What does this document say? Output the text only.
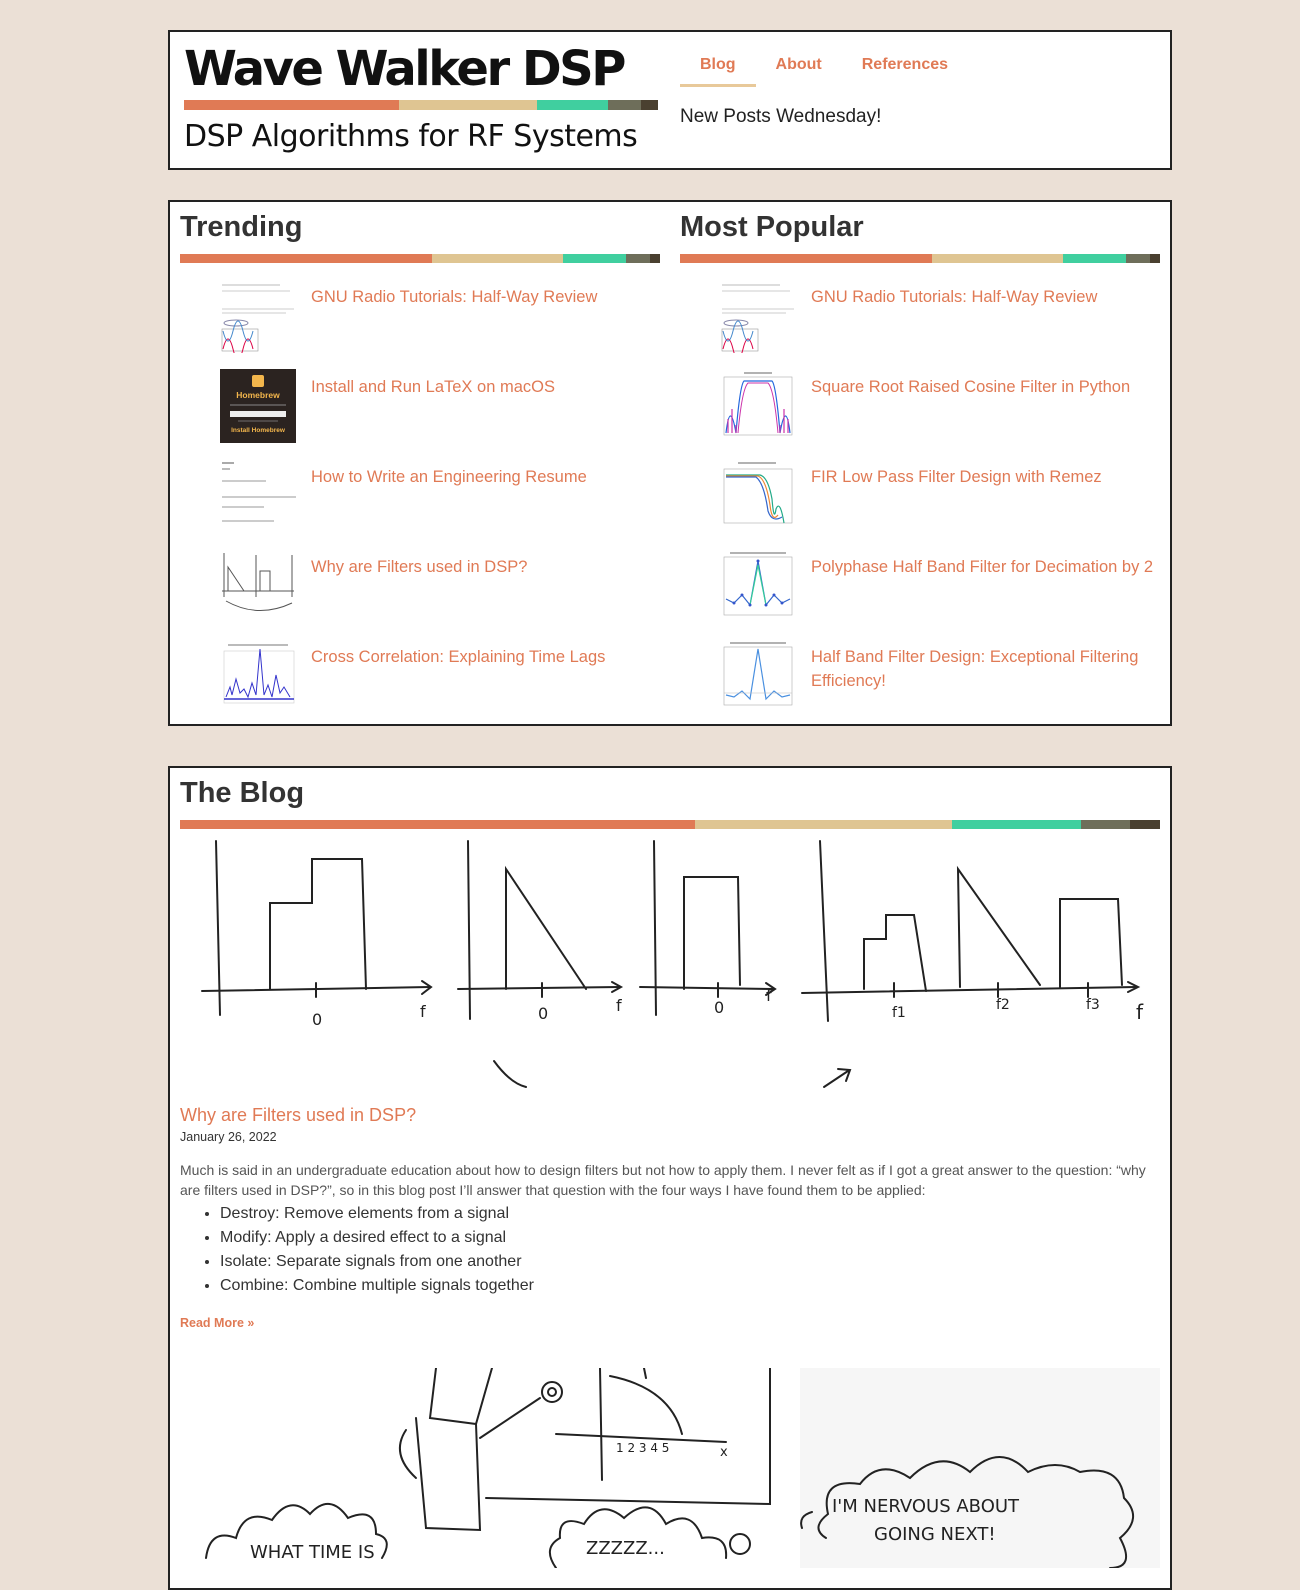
Wave Walker DSP
DSP Algorithms for RF Systems
Blog	About	References
New Posts Wednesday!
Trending
GNU Radio Tutorials: Half-Way Review
Homebrew
Install Homebrew
Install and Run LaTeX on macOS
How to Write an Engineering Resume
Why are Filters used in DSP?
Cross Correlation: Explaining Time Lags
Most Popular
GNU Radio Tutorials: Half-Way Review
Square Root Raised Cosine Filter in Python
FIR Low Pass Filter Design with Remez
Polyphase Half Band Filter for Decimation by 2
Half Band Filter Design: Exceptional Filtering Efficiency!
The Blog
f
0
f
0
f
0	f1	f2	f3 f
Why are Filters used in DSP?
January 26, 2022
Much is said in an undergraduate education about how to design filters but not how to apply them. I never felt as if I got a great answer to the question: “why are filters used in DSP?”, so in this blog post I’ll answer that question with the four ways I have found them to be applied:
• Destroy: Remove elements from a signal
• Modify: Apply a desired effect to a signal
• Isolate: Separate signals from one another
• Combine: Combine multiple signals together
Read More »
1 2 3 4 5	x
WHAT TIME IS	ZZZZZ...
I'M NERVOUS ABOUT
GOING NEXT!
